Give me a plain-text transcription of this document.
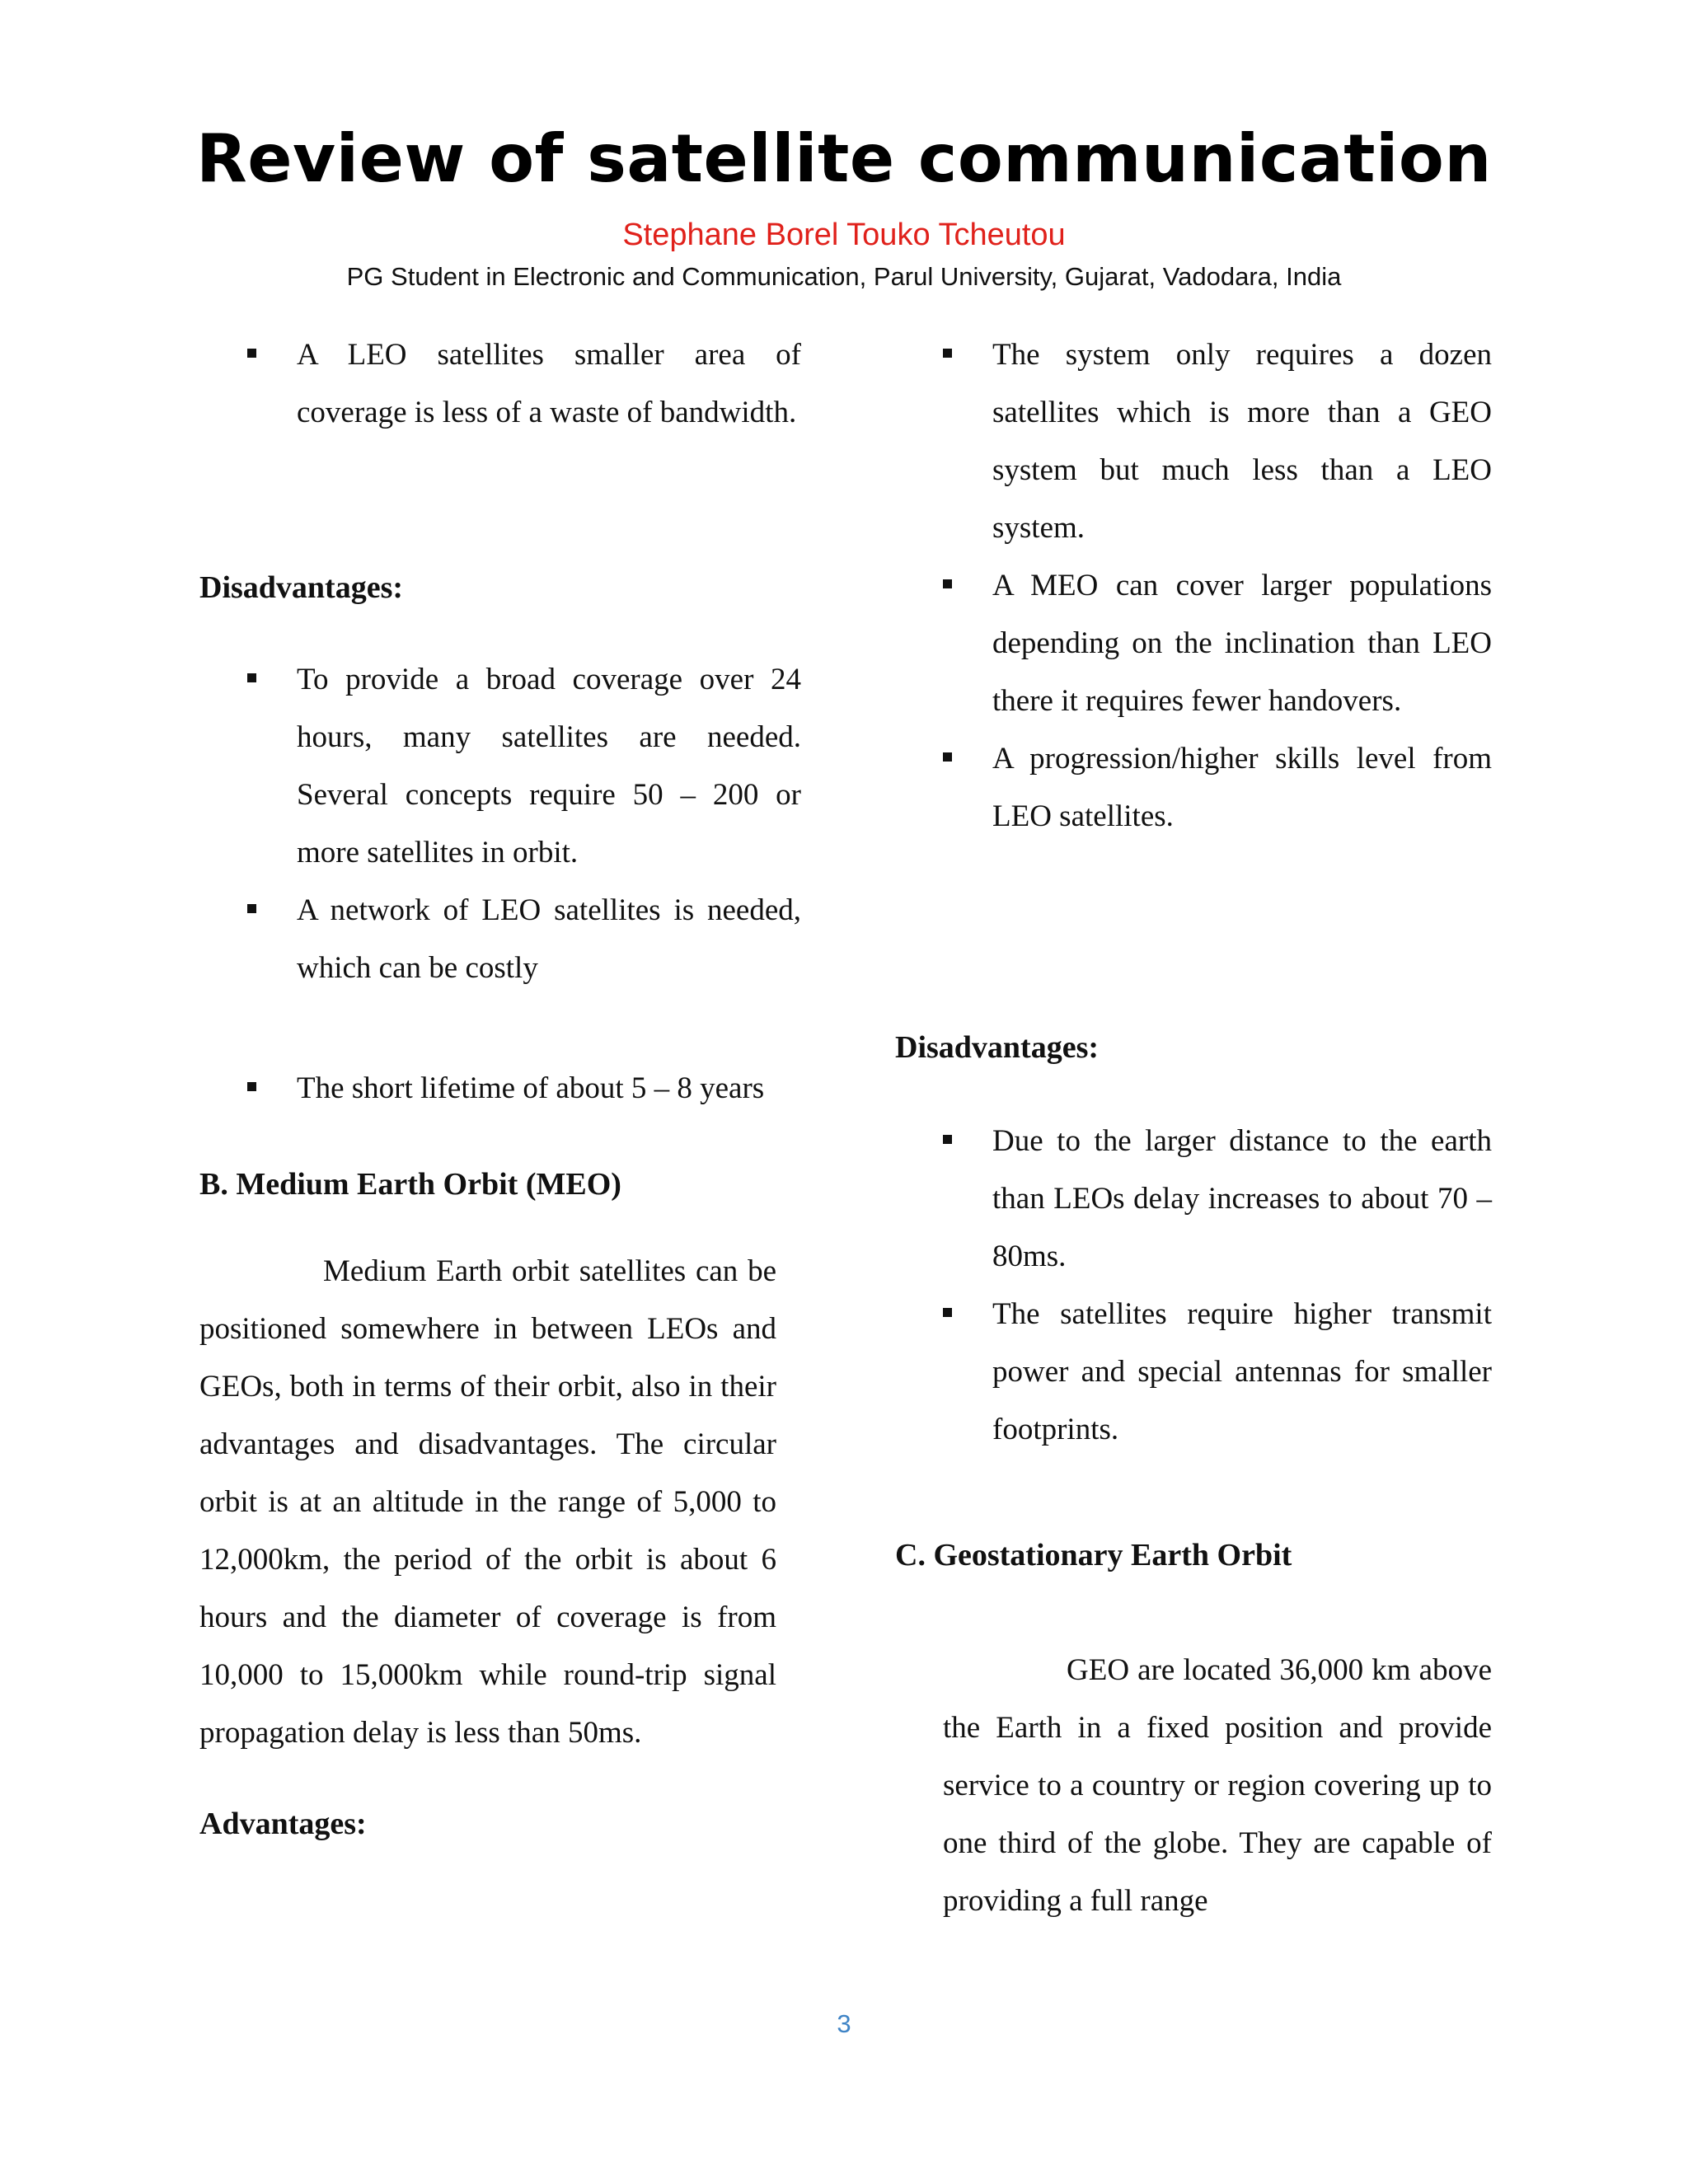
Review of satellite communication
Stephane Borel Touko Tcheutou
PG Student in Electronic and Communication, Parul University, Gujarat, Vadodara, India

A LEO satellites smaller area of coverage is less of a waste of bandwidth.

Disadvantages:

To provide a broad coverage over 24 hours, many satellites are needed. Several concepts require 50 – 200 or more satellites in orbit.

A network of LEO satellites is needed, which can be costly

The short lifetime of about 5 – 8 years

B. Medium Earth Orbit (MEO)

Medium Earth orbit satellites can be positioned somewhere in between LEOs and GEOs, both in terms of their orbit, also in their advantages and disadvantages. The circular orbit is at an altitude in the range of 5,000 to 12,000km, the period of the orbit is about 6 hours and the diameter of coverage is from 10,000 to 15,000km while round-trip signal propagation delay is less than 50ms.

Advantages:

The system only requires a dozen satellites which is more than a GEO system but much less than a LEO system.

A MEO can cover larger populations depending on the inclination than LEO there it requires fewer handovers.

A progression/higher skills level from LEO satellites.

Disadvantages:

Due to the larger distance to the earth than LEOs delay increases to about 70 – 80ms.

The satellites require higher transmit power and special antennas for smaller footprints.

C. Geostationary Earth Orbit

GEO are located 36,000 km above the Earth in a fixed position and provide service to a country or region covering up to one third of the globe. They are capable of providing a full range

3
